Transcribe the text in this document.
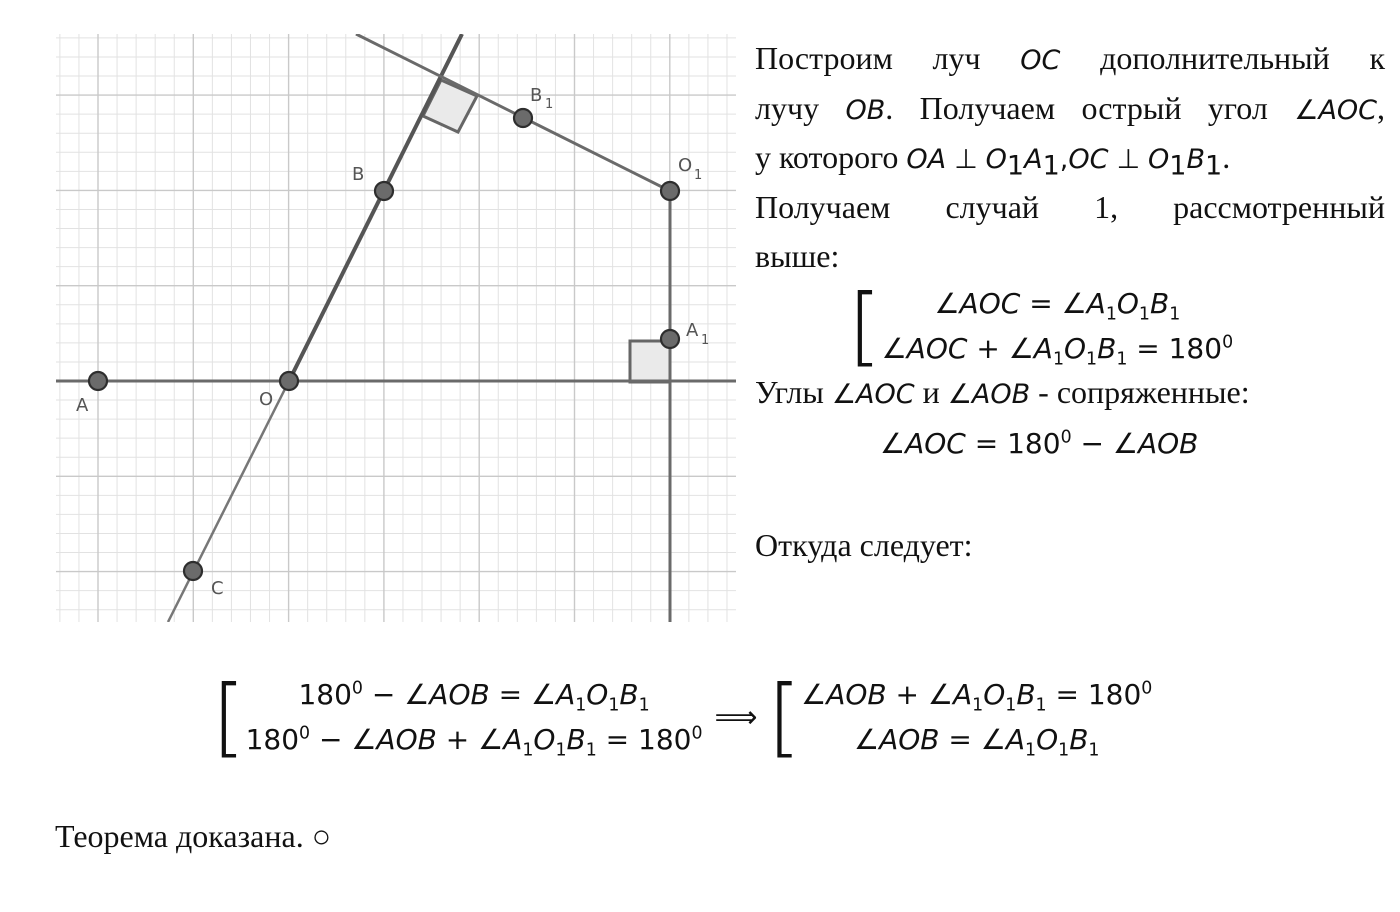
A	O
B
C
B 1
O 1
A 1
Построим луч OC дополнительный к
лучу OB. Получаем острый угол ∠AOC,
у которого OA ⊥ $O_1A_1,OC$ ⊥ $O_1B_1$.
Получаем случай 1, рассмотренный
выше:
[ ∠AOC = $\angle A_1O_1B_1$
∠AOC + $\angle A_1O_1B_1 = 180^0$
Углы ∠AOC и ∠AOB - сопряженные:
∠AOC = $180^0$ − ∠AOB
Откуда следует:
[ $180^0$ − ∠AOB = $\angle A_1O_1B_1$
$180^0$ − ∠AOB + $\angle A_1O_1B_1 = 180^0$ ⟹ [ ∠AOB + $\angle A_1O_1B_1 = 180^0$
∠AOB = $\angle A_1O_1B_1$
Теорема доказана. ○
